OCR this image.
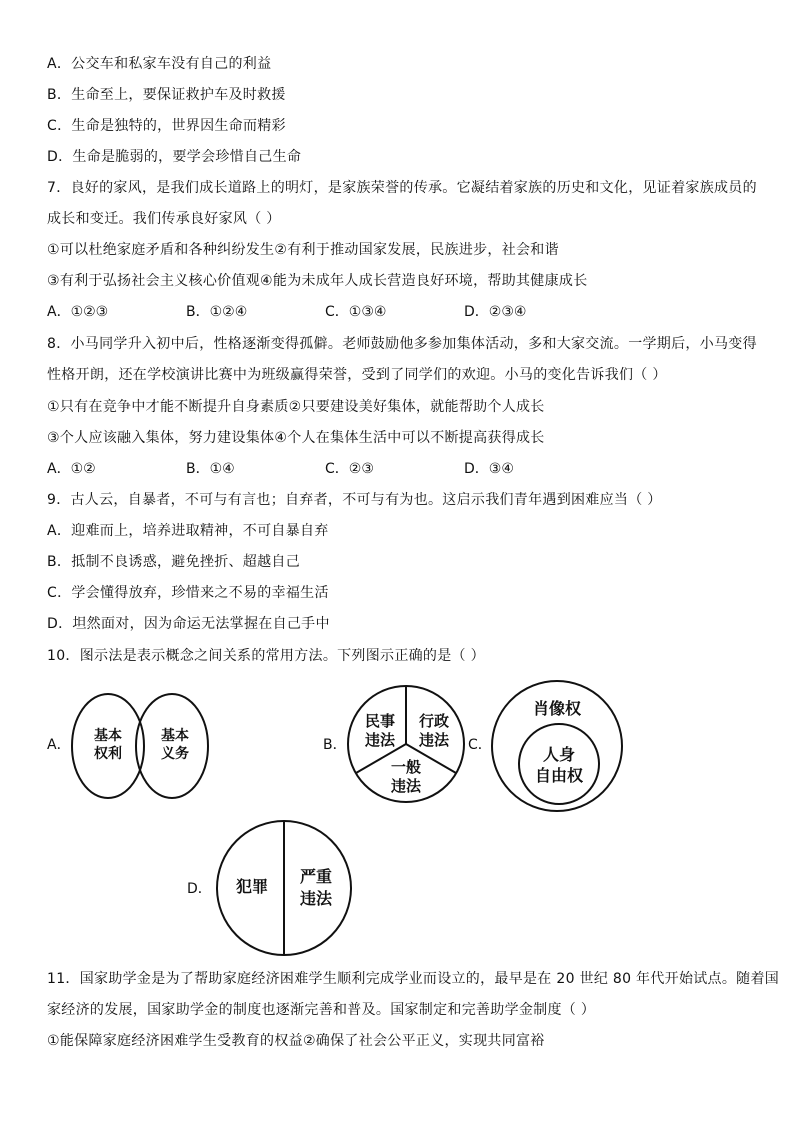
A．公交车和私家车没有自己的利益
B．生命至上，要保证救护车及时救援
C．生命是独特的，世界因生命而精彩
D．生命是脆弱的，要学会珍惜自己生命
7．良好的家风，是我们成长道路上的明灯，是家族荣誉的传承。它凝结着家族的历史和文化，见证着家族成员的
成长和变迁。我们传承良好家风（ ）
①可以杜绝家庭矛盾和各种纠纷发生②有利于推动国家发展，民族进步，社会和谐
③有利于弘扬社会主义核心价值观④能为未成年人成长营造良好环境，帮助其健康成长
A．①②③	B．①②④	C．①③④	D．②③④
8．小马同学升入初中后，性格逐渐变得孤僻。老师鼓励他多参加集体活动，多和大家交流。一学期后，小马变得
性格开朗，还在学校演讲比赛中为班级赢得荣誉，受到了同学们的欢迎。小马的变化告诉我们（ ）
①只有在竞争中才能不断提升自身素质②只要建设美好集体，就能帮助个人成长
③个人应该融入集体，努力建设集体④个人在集体生活中可以不断提高获得成长
A．①②	B．①④	C．②③	D．③④
9．古人云，自暴者，不可与有言也；自弃者，不可与有为也。这启示我们青年遇到困难应当（ ）
A．迎难而上，培养进取精神，不可自暴自弃
B．抵制不良诱惑，避免挫折、超越自己
C．学会懂得放弃，珍惜来之不易的幸福生活
D．坦然面对，因为命运无法掌握在自己手中
10．图示法是表示概念之间关系的常用方法。下列图示正确的是（ ）
A．	B．	C．
D．
基本
权利
基本
义务
民事
违法
行政
违法
一般
违法
肖像权
人身
自由权
犯罪
严重
违法
11．国家助学金是为了帮助家庭经济困难学生顺利完成学业而设立的，最早是在 20 世纪 80 年代开始试点。随着国
家经济的发展，国家助学金的制度也逐渐完善和普及。国家制定和完善助学金制度（ ）
①能保障家庭经济困难学生受教育的权益②确保了社会公平正义，实现共同富裕
